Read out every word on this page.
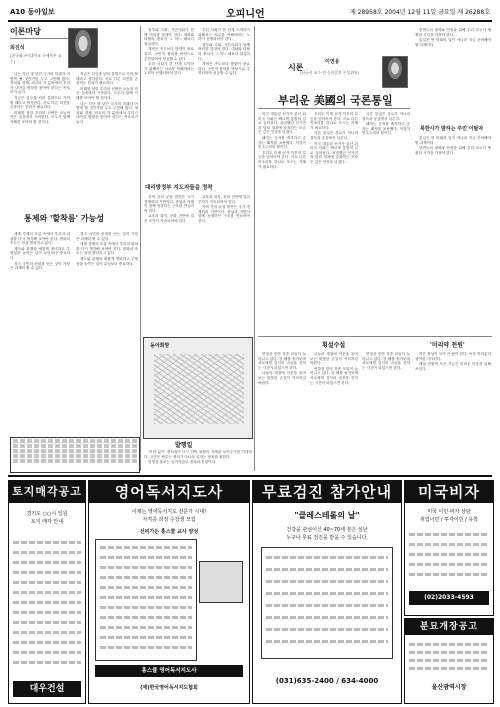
A10 동아일보	오피니언	제 28958호 2004년 12월 11일 금요일 제 26288호
이론마당
최진석
(한국외국어대학교 국제학부 교수)

나는 지난 몇 년간 국가의 미래가 어떻게 될 것인가를 두고 고민해 왔다. 정치와 경제, 외교의 각 분야에서 우리가 나아갈 방향을 찾아야 한다는 목소리가 높다.

지금은 갈등을 넘어 통합으로 가야 할 때라고 생각한다. 서로 다른 의견을 존중하는 문화가 필요하다.

미래를 향한 우리의 선택은 오늘의 작은 실천에서 시작된다. 모두가 함께 지혜를 모아야 할 것이다.

지금은 갈등을 넘어 통합으로 가야 할 때라고 생각한다. 서로 다른 의견을 존중하는 문화가 필요하다.

미래를 향한 우리의 선택은 오늘의 작은 실천에서 시작된다. 모두가 함께 지혜를 모아야 할 것이다.

나는 지난 몇 년간 국가의 미래가 어떻게 될 것인가를 두고 고민해 왔다. 정치와 경제, 외교의 각 분야에서 우리가 나아갈 방향을 찾아야 한다는 목소리가 높다.

통제와 '할착름' 가능성

세계 경제의 흐름 속에서 우리의 위치를 다시 생각해 보아야 한다. 변화의 속도는 점점 빨라지고 있다.

제도와 관행을 새롭게 정비하고 투명성을 높이는 일이 무엇보다 중요하다.

결국 국민의 신뢰를 얻는 것이 가장 큰 과제라 할 수 있다.

결국 국민의 신뢰를 얻는 것이 가장 큰 과제라 할 수 있다.

세계 경제의 흐름 속에서 우리의 위치를 다시 생각해 보아야 한다. 변화의 속도는 점점 빨라지고 있다.

제도와 관행을 새롭게 정비하고 투명성을 높이는 일이 무엇보다 중요하다.

정부와 국회, 시민사회가 함께 머리를 맞대야 한다. 대화와 타협의 정치가 그 어느 때보다 절실하다.

개혁은 속도보다 방향이 중요하다. 국민적 합의를 바탕으로 추진되어야 성공할 수 있다.

우리 사회가 한 단계 도약하기 위해서는 서로를 이해하려는 노력이 선행되어야 한다.

우리 사회가 한 단계 도약하기 위해서는 서로를 이해하려는 노력이 선행되어야 한다.

정부와 국회, 시민사회가 함께 머리를 맞대야 한다. 대화와 타협의 정치가 그 어느 때보다 절실하다.

개혁은 속도보다 방향이 중요하다. 국민적 합의를 바탕으로 추진되어야 성공할 수 있다.

대리방정부 지도자들을 정착

지역 간의 균형 발전은 국가 경쟁력의 기반이다. 중앙과 지방이 함께 성장하는 구조를 만들어야 한다.

교육과 복지, 문화 전반에 걸친 투자가 지속되어야 한다.

교육과 복지, 문화 전반에 걸친 투자가 지속되어야 한다.

지역 간의 균형 발전은 국가 경쟁력의 기반이다. 중앙과 지방이 함께 성장하는 구조를 만들어야 한다.

동아희망
발행일

'이변 없이' 정치권이 다시 한번 화합의 자세를 보여주기를 기대한다. 국민은 싸우는 정치가 아니라 일하는 정치를 원한다.

민생을 돌보는 일이야말로 정치의 본령이다.

시론	이연웅
(한국사 교수·전 동아일보 논설위원)
부리운 美國의 국론통일

미국 대통령 선거가 끝난 뒤 미국 사회는 빠르게 통합의 길로 들어섰다. 치열했던 선거전과 달리 결과에 승복하는 모습은 깊은 인상을 남겼다.

패자는 승자를 축하하고 승자는 패자를 포용했다. 이것이 민주주의의 힘이다.

우리도 이제 선거 이후의 갈등을 넘어서야 한다. 서로 다른 목소리를 하나로 모으는 지혜가 필요하다.

우리도 이제 선거 이후의 갈등을 넘어서야 한다. 서로 다른 목소리를 하나로 모으는 지혜가 필요하다.

국론 통일은 강요가 아니라 설득과 공감에서 나온다.

미국 대통령 선거가 끝난 뒤 미국 사회는 빠르게 통합의 길로 들어섰다. 치열했던 선거전과 달리 결과에 승복하는 모습은 깊은 인상을 남겼다.

국론 통일은 강요가 아니라 설득과 공감에서 나온다.

패자는 승자를 축하하고 승자는 패자를 포용했다. 이것이 민주주의의 힘이다.

한반도의 평화와 안정을 위해 우리 모두가 냉철한 시각을 가져야 한다.

통일은 먼 미래의 일이 아니라 지금 준비해야 할 과제이다.

북한사가 말하는 주민 이탈자

통일은 먼 미래의 일이 아니라 지금 준비해야 할 과제이다.

한반도의 평화와 안정을 위해 우리 모두가 냉철한 시각을 가져야 한다.

횡설수설

연말을 맞아 각종 모임이 늘어나고 있다. 한 해를 돌아보며 서로에게 감사의 마음을 전하는 시간이 되었으면 한다.

나눔의 계절에 이웃을 돌아보는 따뜻한 손길이 이어지길 바란다.

나눔의 계절에 이웃을 돌아보는 따뜻한 손길이 이어지길 바란다.

연말을 맞아 각종 모임이 늘어나고 있다. 한 해를 돌아보며 서로에게 감사의 마음을 전하는 시간이 되었으면 한다.

연말을 맞아 각종 모임이 늘어나고 있다. 한 해를 돌아보며 서로에게 감사의 마음을 전하는 시간이 되었으면 한다.

'미리약 천원'

작은 정성이 모여 큰 힘이 된다. 독자 여러분의 참여를 기다린다.

매달 천원씩 모은 기금은 어려운 이웃을 위해 쓰인다.

토지매각공고
경기도 ○○시 일원
토지 매각 안내
대우건설
영어독서지도사
이제는 영어독서지도 전문가 시대!
자격증 과정 수강생 모집
신비가든 홍스쿨 교사 양성
홍스쿨 영어독서지도사
(재)한국영어독서지도협회
무료검진 참가안내
"클레스테롤의 날"
건강을 관심이신 40~70세 분은 심난
누구나 무료 검진을 받을 수 있습니다.
(031)635-2400 / 634-4000
미국비자
미국 이민·비자 상담
취업이민 / 투자이민 / 유학
(02)2033-4593
분묘개장공고
울산광역시장
